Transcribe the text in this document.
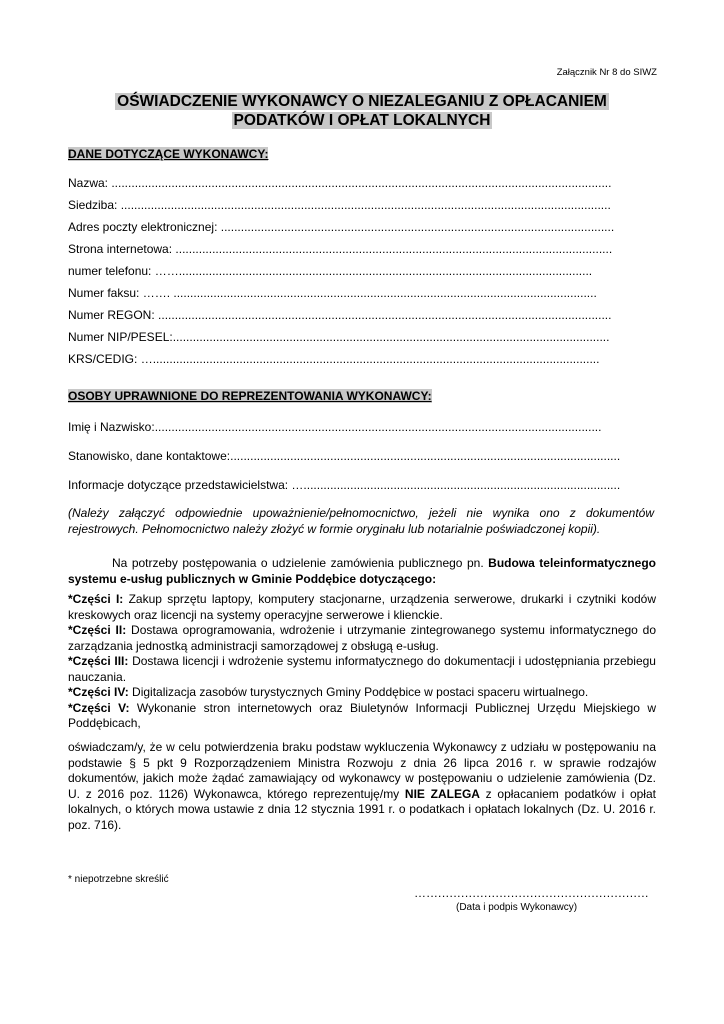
Załącznik Nr 8 do SIWZ
OŚWIADCZENIE WYKONAWCY O NIEZALEGANIU Z OPŁACANIEM
PODATKÓW I OPŁAT LOKALNYCH
DANE DOTYCZĄCE WYKONAWCY:
Nazwa: ......................................................................................................................................................
Siedziba: ...................................................................................................................................................
Adres poczty elektronicznej: ......................................................................................................................
Strona internetowa: ...................................................................................................................................
numer telefonu: ……............................................................................................................................
Numer faksu: ……. ...............................................................................................................................
Numer REGON: ........................................................................................................................................
Numer NIP/PESEL:...................................................................................................................................
KRS/CEDIG: …......................................................................................................................................
OSOBY UPRAWNIONE DO REPREZENTOWANIA WYKONAWCY:
Imię i Nazwisko:......................................................................................................................................
Stanowisko, dane kontaktowe:.....................................................................................................................
Informacje dotyczące przedstawicielstwa: …...............................................................................................
(Należy załączyć odpowiednie upoważnienie/pełnomocnictwo, jeżeli nie wynika ono z dokumentów rejestrowych. Pełnomocnictwo należy złożyć w formie oryginału lub notarialnie poświadczonej kopii).
Na potrzeby postępowania o udzielenie zamówienia publicznego pn. Budowa teleinformatycznego systemu e-usług publicznych w Gminie Poddębice dotyczącego:
*Części I: Zakup sprzętu laptopy, komputery stacjonarne, urządzenia serwerowe, drukarki i czytniki kodów kreskowych oraz licencji na systemy operacyjne serwerowe i klienckie.
*Części II: Dostawa oprogramowania, wdrożenie i utrzymanie zintegrowanego systemu informatycznego do zarządzania jednostką administracji samorządowej z obsługą e-usług.
*Części III: Dostawa licencji i wdrożenie systemu informatycznego do dokumentacji i udostępniania przebiegu nauczania.
*Części IV: Digitalizacja zasobów turystycznych Gminy Poddębice w postaci spaceru wirtualnego.
*Części V: Wykonanie stron internetowych oraz Biuletynów Informacji Publicznej Urzędu Miejskiego w Poddębicach,
oświadczam/y, że w celu potwierdzenia braku podstaw wykluczenia Wykonawcy z udziału w postępowaniu na podstawie § 5 pkt 9 Rozporządzeniem Ministra Rozwoju z dnia 26 lipca 2016 r. w sprawie rodzajów dokumentów, jakich może żądać zamawiający od wykonawcy w postępowaniu o udzielenie zamówienia (Dz. U. z 2016 poz. 1126) Wykonawca, którego reprezentuję/my NIE ZALEGA z opłacaniem podatków i opłat lokalnych, o których mowa ustawie z dnia 12 stycznia 1991 r. o podatkach i opłatach lokalnych (Dz. U. 2016 r. poz. 716).
* niepotrzebne skreślić
…..........................................................
(Data i podpis Wykonawcy)
